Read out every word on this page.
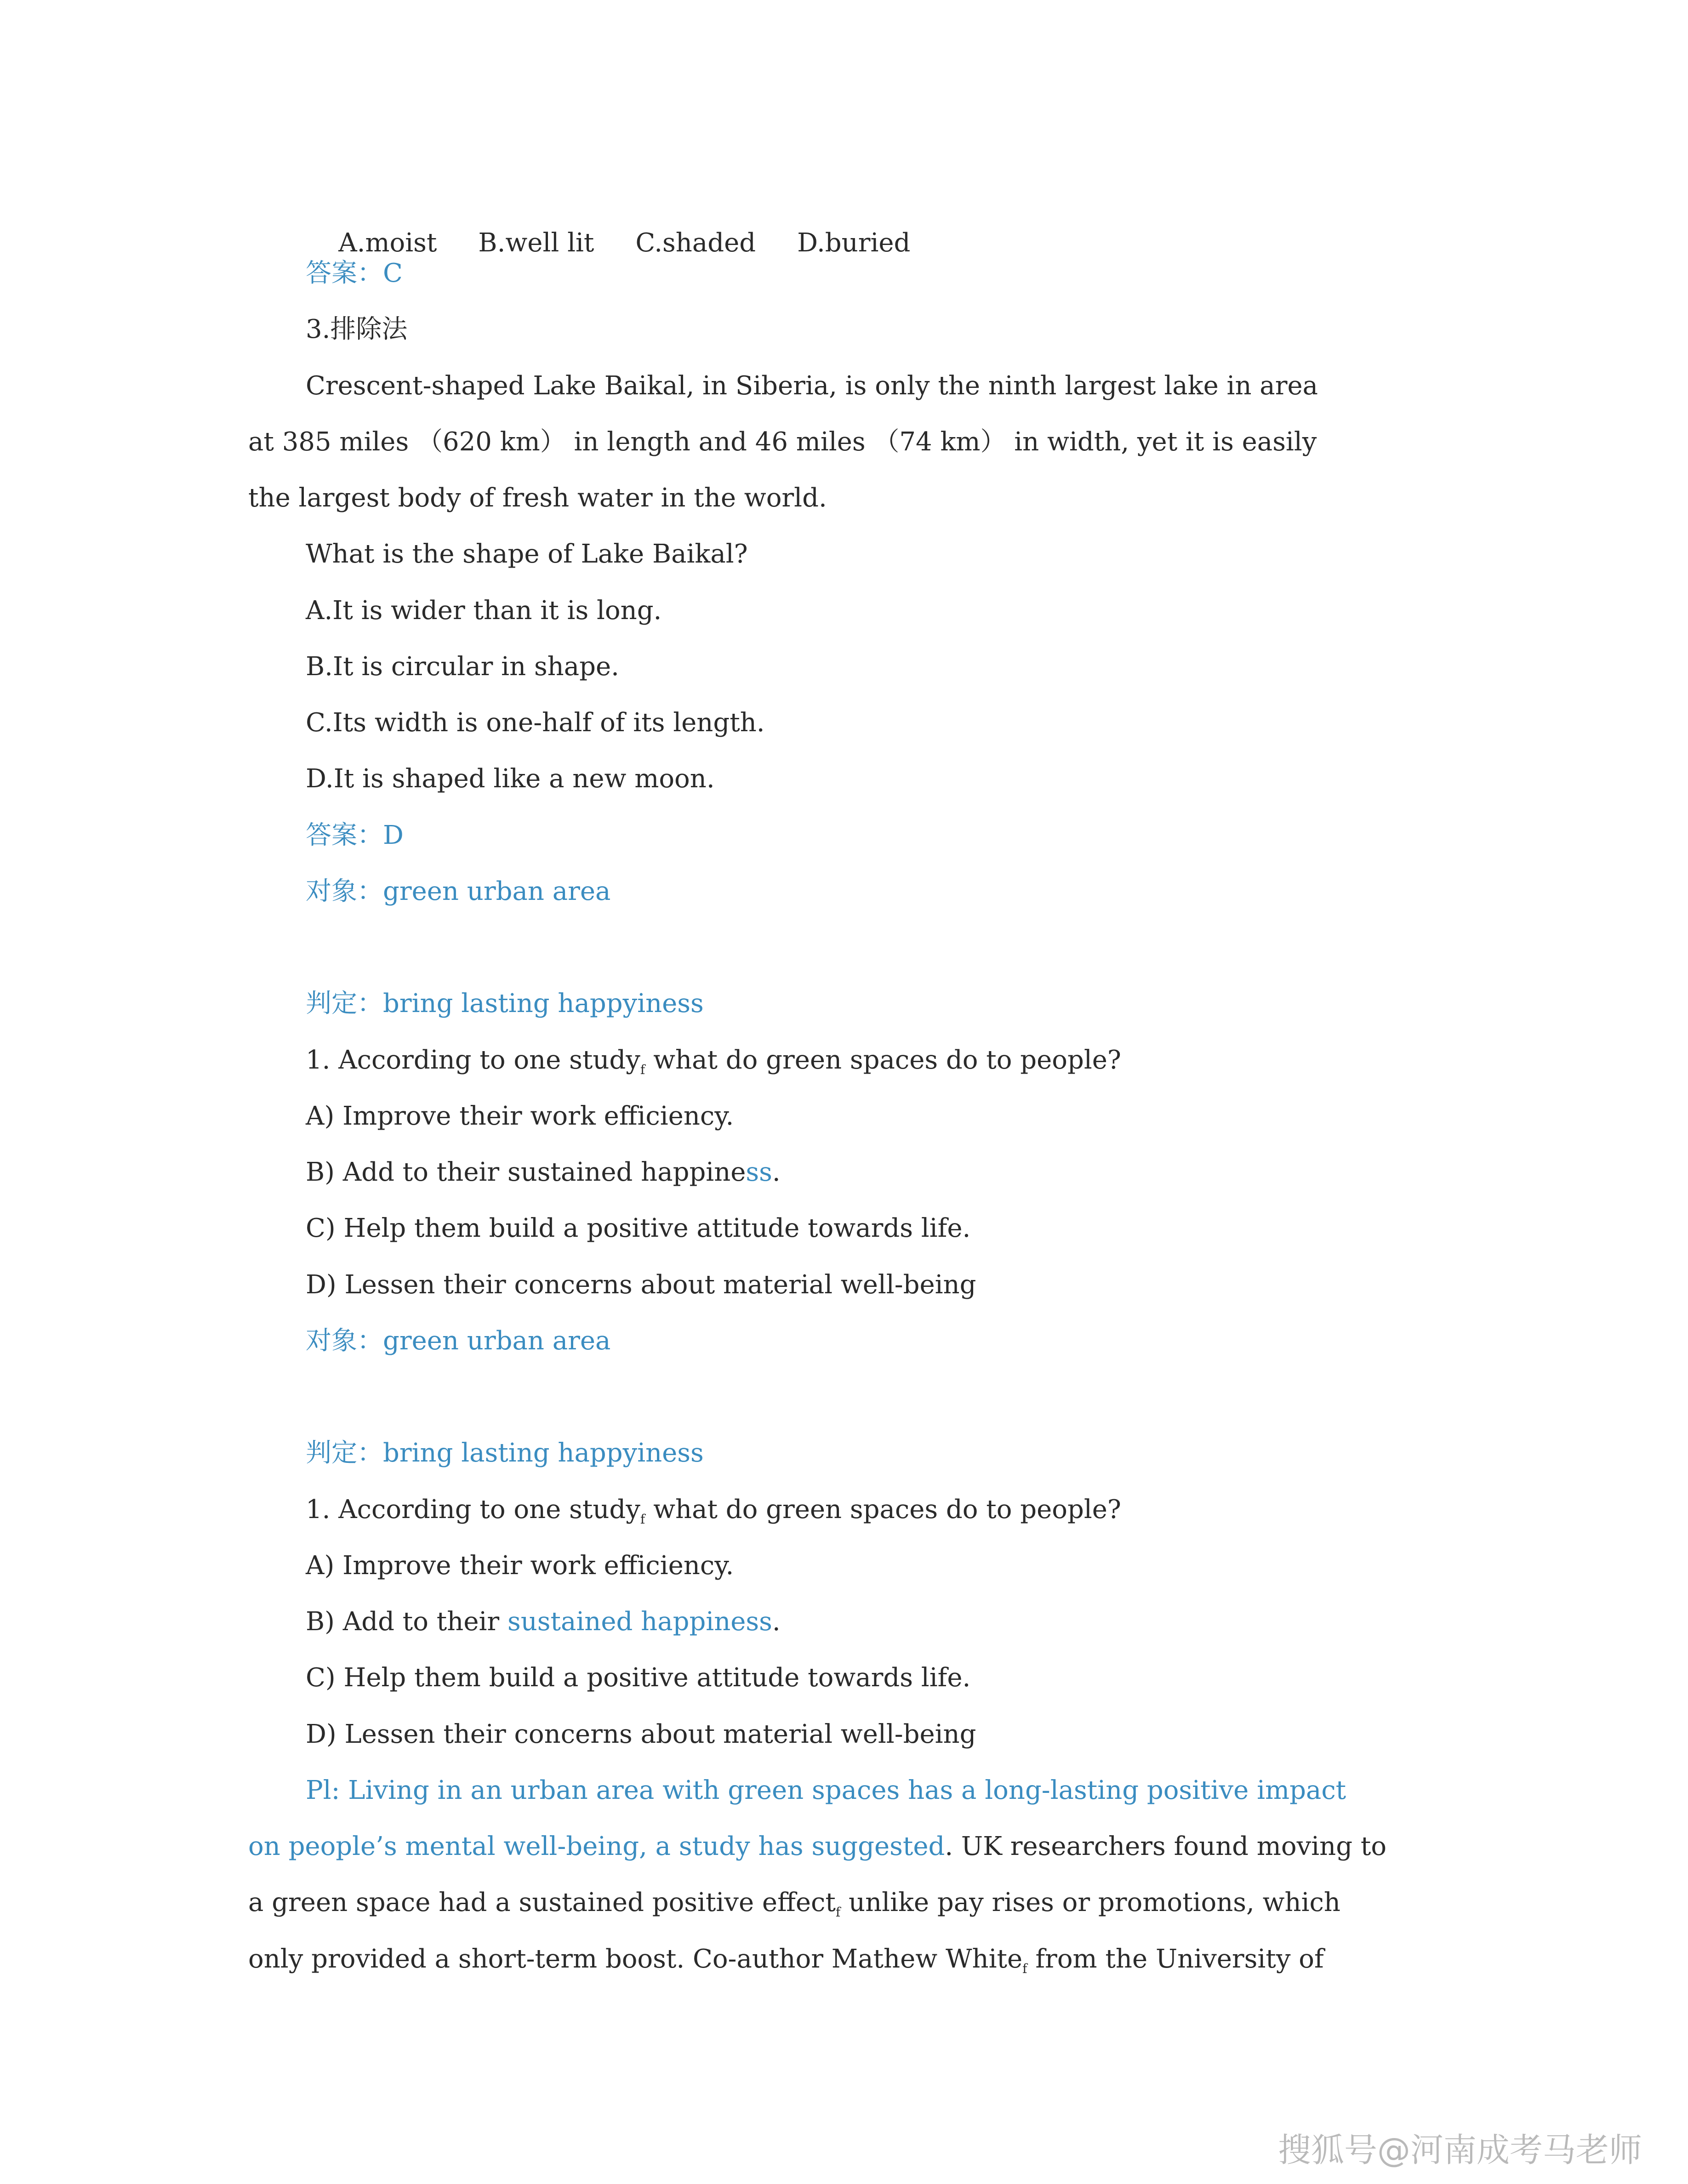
A.moist B.well lit C.shaded D.buried

答案：C
3.排除法
Crescent-shaped Lake Baikal, in Siberia, is only the ninth largest lake in area
at 385 miles （620 km） in length and 46 miles （74 km） in width, yet it is easily
the largest body of fresh water in the world.
What is the shape of Lake Baikal?
A.It is wider than it is long.
B.It is circular in shape.
C.Its width is one-half of its length.
D.It is shaped like a new moon.
答案：D
对象：green urban area
判定：bring lasting happyiness
1. According to one study$_f$ what do green spaces do to people?
A) Improve their work efficiency.
B) Add to their sustained happiness.
C) Help them build a positive attitude towards life.
D) Lessen their concerns about material well-being
对象：green urban area
判定：bring lasting happyiness
1. According to one study$_f$ what do green spaces do to people?
A) Improve their work efficiency.
B) Add to their sustained happiness.
C) Help them build a positive attitude towards life.
D) Lessen their concerns about material well-being
Pl: Living in an urban area with green spaces has a long-lasting positive impact
on people’s mental well-being, a study has suggested. UK researchers found moving to
a green space had a sustained positive effect$_f$ unlike pay rises or promotions, which
only provided a short-term boost. Co-author Mathew White$_f$ from the University of
搜狐号@河南成考马老师
